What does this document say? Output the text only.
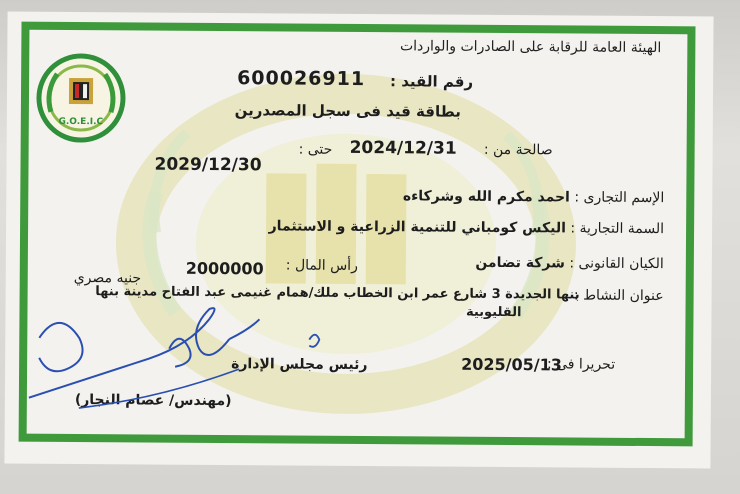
G.O.E.I.C
الهيئة العامة للرقابة على الصادرات والواردات
رقم القيد :
600026911
بطاقة قيد فى سجل المصدرين
صالحة من :
2024/12/31
حتى :
2029/12/30
الإسم التجارى : احمد مكرم الله وشركاءه
السمة التجارية : اليكس كومباني للتنمية الزراعية و الاستثمار
الكيان القانونى : شركة تضامن
رأس المال :
2000000
جنيه مصري
عنوان النشاط :
بنها الجديدة 3 شارع عمر ابن الخطاب ملك/همام غنيمى عبد الفتاح مدينة بنها
القليوبية
تحريرا فى :
2025/05/13
رئيس مجلس الإدارة
(مهندس/ عصام النجار)
